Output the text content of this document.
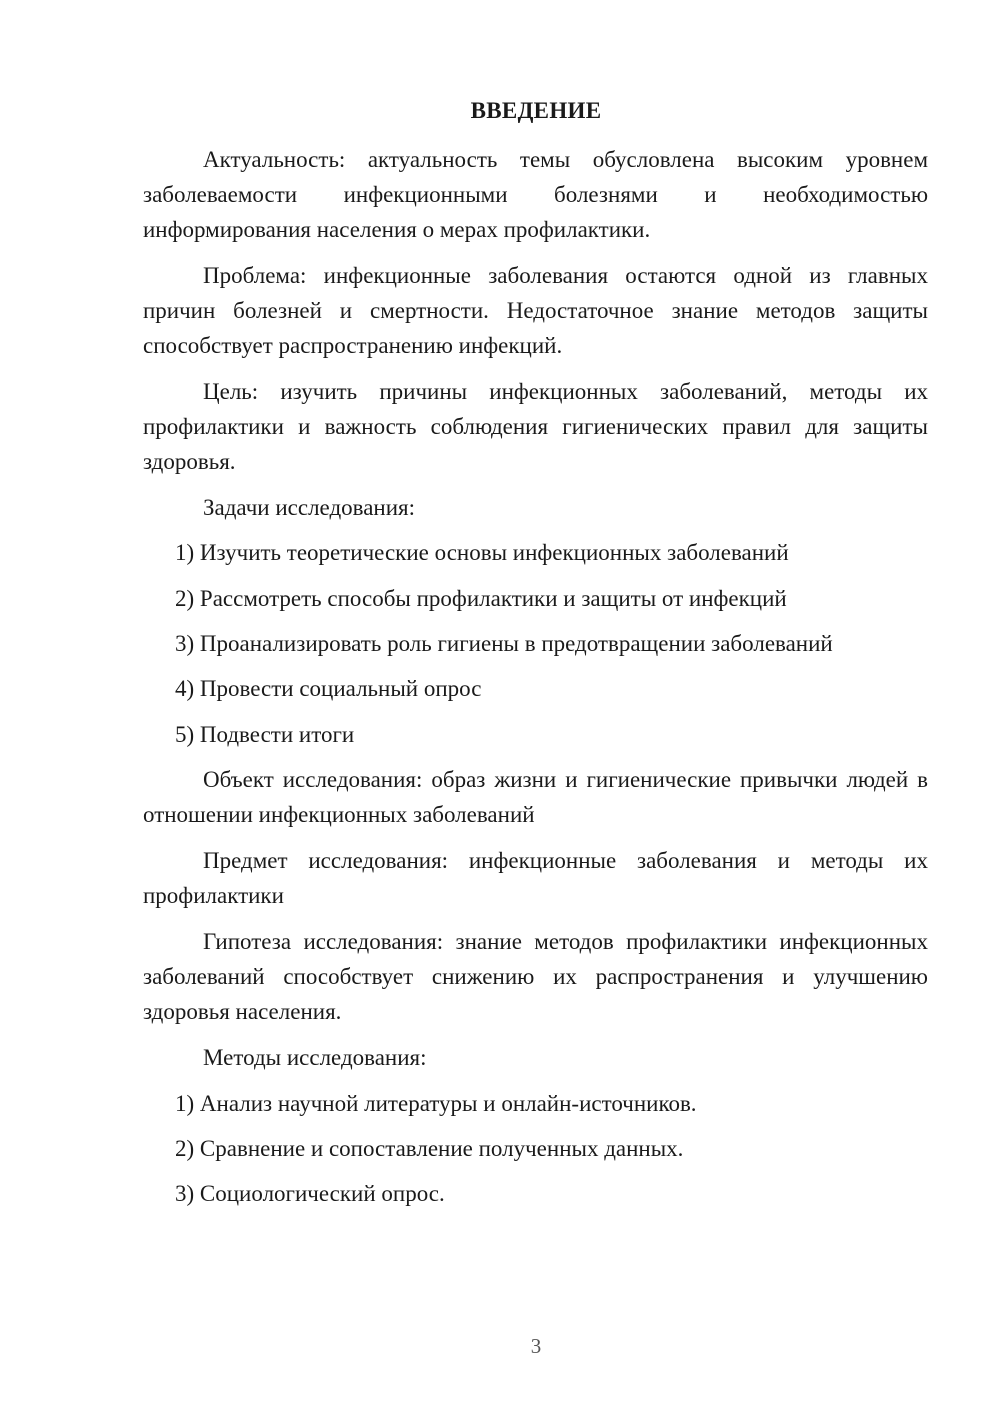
ВВЕДЕНИЕ

Актуальность: актуальность темы обусловлена высоким уровнем заболеваемости инфекционными болезнями и необходимостью информирования населения о мерах профилактики.

Проблема: инфекционные заболевания остаются одной из главных причин болезней и смертности. Недостаточное знание методов защиты способствует распространению инфекций.

Цель: изучить причины инфекционных заболеваний, методы их профилактики и важность соблюдения гигиенических правил для защиты здоровья.

Задачи исследования:

1) Изучить теоретические основы инфекционных заболеваний

2) Рассмотреть способы профилактики и защиты от инфекций

3) Проанализировать роль гигиены в предотвращении заболеваний

4) Провести социальный опрос

5) Подвести итоги

Объект исследования: образ жизни и гигиенические привычки людей в отношении инфекционных заболеваний

Предмет исследования: инфекционные заболевания и методы их профилактики

Гипотеза исследования: знание методов профилактики инфекционных заболеваний способствует снижению их распространения и улучшению здоровья населения.

Методы исследования:

1) Анализ научной литературы и онлайн-источников.

2) Сравнение и сопоставление полученных данных.

3) Социологический опрос.

3
